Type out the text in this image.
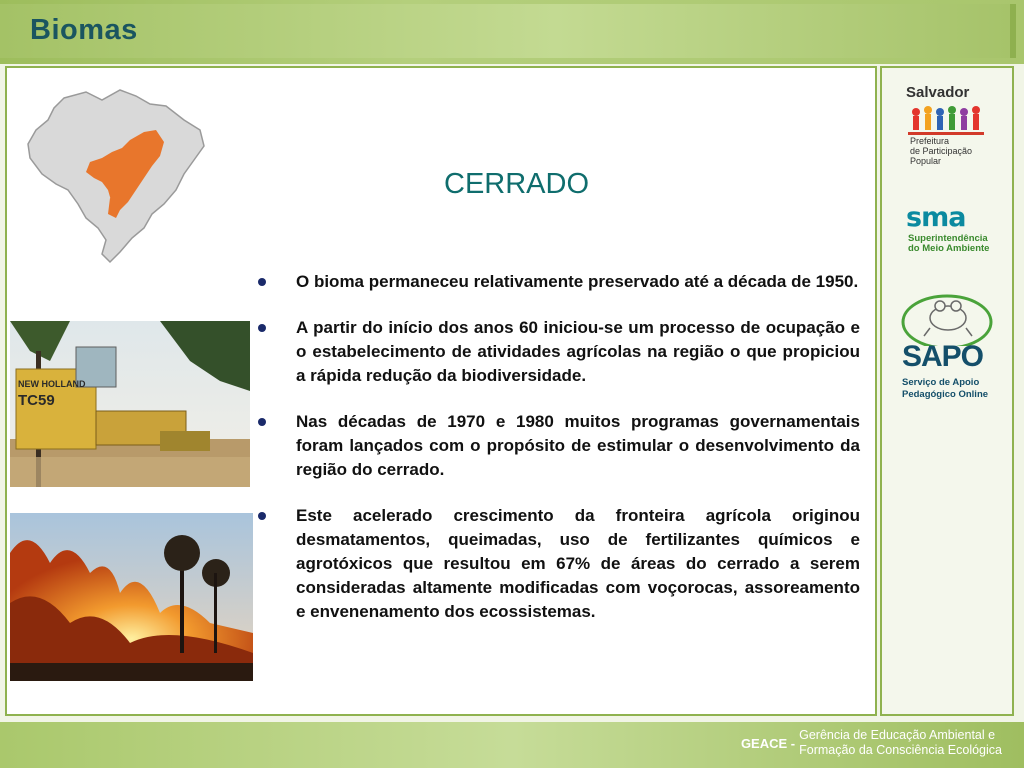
Biomas
CERRADO
O bioma permaneceu relativamente preservado até a década de 1950.
A partir do início dos anos 60 iniciou-se um processo de ocupação e o estabelecimento de atividades agrícolas na região o que propiciou a rápida redução da biodiversidade.
Nas décadas de 1970 e 1980 muitos programas governamentais foram lançados com o propósito de estimular o desenvolvimento da região do cerrado.
Este acelerado crescimento da fronteira agrícola originou desmatamentos, queimadas, uso de fertilizantes químicos e agrotóxicos que resultou em 67% de áreas do cerrado a serem consideradas altamente modificadas com voçorocas, assoreamento e envenenamento dos ecossistemas.
NEW HOLLAND
TC59
Salvador
Prefeitura
de Participação
Popular
sma
Superintendência
do Meio Ambiente
SAPO
Serviço de Apoio
Pedagógico Online
GEACE -
Gerência de Educação Ambiental e
Formação da Consciência Ecológica
